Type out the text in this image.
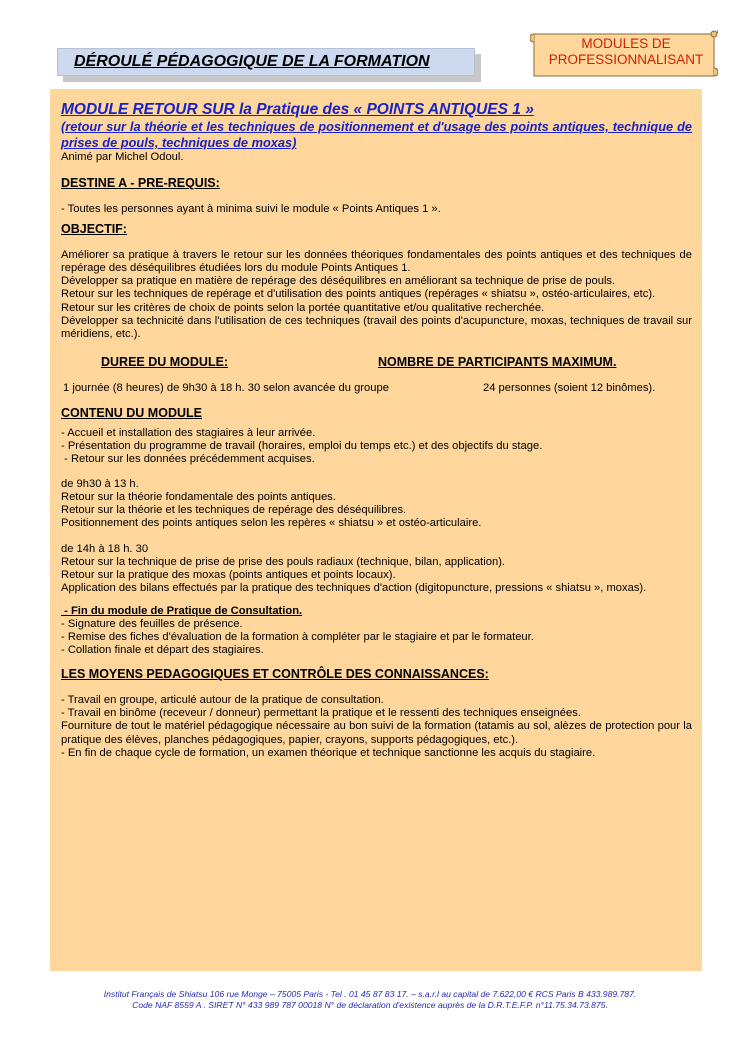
DÉROULÉ PÉDAGOGIQUE DE LA FORMATION
MODULES DE
PROFESSIONNALISANT

MODULE RETOUR SUR la Pratique des « POINTS ANTIQUES 1 »

(retour sur la théorie et les techniques de positionnement et d'usage des points antiques, technique de prises de pouls, techniques de moxas)

Animé par Michel Odoul.

DESTINE A - PRE-REQUIS:

- Toutes les personnes ayant à minima suivi le module « Points Antiques 1 ».

OBJECTIF:

Améliorer sa pratique à travers le retour sur les données théoriques fondamentales des points antiques et des techniques de repérage des déséquilibres étudiées lors du module Points Antiques 1.

Développer sa pratique en matière de repérage des déséquilibres en améliorant sa technique de prise de pouls.

Retour sur les techniques de repérage et d'utilisation des points antiques (repérages « shiatsu », ostéo-articulaires, etc).

Retour sur les critères de choix de points selon la portée quantitative et/ou qualitative recherchée.

Développer sa technicité dans l'utilisation de ces techniques (travail des points d'acupuncture, moxas, techniques de travail sur méridiens, etc.).

DUREE DU MODULE:	NOMBRE DE PARTICIPANTS MAXIMUM.
1 journée (8 heures) de 9h30 à 18 h. 30 selon avancée du groupe	24 personnes (soient 12 binômes).

CONTENU DU MODULE

- Accueil et installation des stagiaires à leur arrivée.

- Présentation du programme de travail (horaires, emploi du temps etc.) et des objectifs du stage.

- Retour sur les données précédemment acquises.

de 9h30 à 13 h.

Retour sur la théorie fondamentale des points antiques.

Retour sur la théorie et les techniques de repérage des déséquilibres.

Positionnement des points antiques selon les repères « shiatsu » et ostéo-articulaire.

de 14h à 18 h. 30

Retour sur la technique de prise de prise des pouls radiaux (technique, bilan, application).

Retour sur la pratique des moxas (points antiques et points locaux).

Application des bilans effectués par la pratique des techniques d'action (digitopuncture, pressions « shiatsu », moxas).

- Fin du module de Pratique de Consultation.

- Signature des feuilles de présence.

- Remise des fiches d'évaluation de la formation à compléter par le stagiaire et par le formateur.

- Collation finale et départ des stagiaires.

LES MOYENS PEDAGOGIQUES ET CONTRÔLE DES CONNAISSANCES:

- Travail en groupe, articulé autour de la pratique de consultation.

- Travail en binôme (receveur / donneur) permettant la pratique et le ressenti des techniques enseignées.

Fourniture de tout le matériel pédagogique nécessaire au bon suivi de la formation (tatamis au sol, alèzes de protection pour la pratique des élèves, planches pédagogiques, papier, crayons, supports pédagogiques, etc.).

- En fin de chaque cycle de formation, un examen théorique et technique sanctionne les acquis du stagiaire.

Institut Français de Shiatsu 106 rue Monge – 75005 Paris - Tel . 01 45 87 83 17. – s.a.r.l au capital de 7.622,00 € RCS Paris B 433.989.787.
Code NAF 8559 A . SIRET N° 433 989 787 00018 N° de déclaration d'existence auprès de la D.R.T.E.F.P. n°11.75.34.73.875.
